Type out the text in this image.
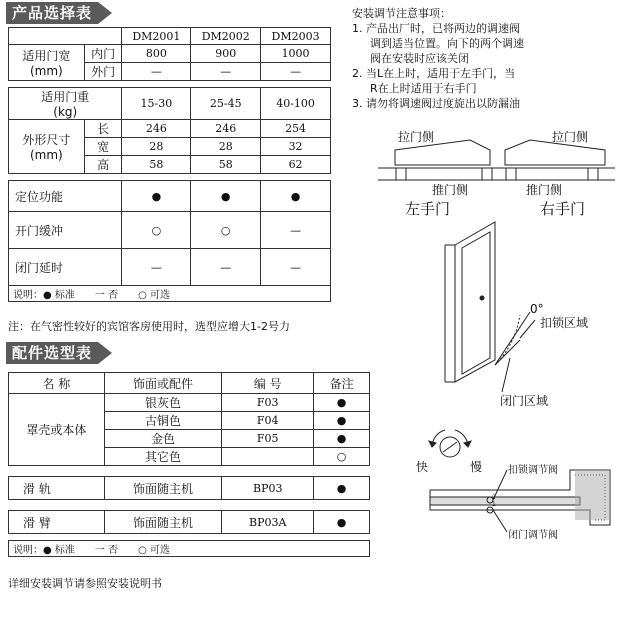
产品选择表
		DM2001	DM2002	DM2003
适用门宽
(mm)	内门	800	900	1000
	外门	—	—	—

适用门重
(kg)		15-30	25-45	40-100
外形尺寸
(mm)	长	246	246	254
	宽	28	28	32
	高	58	58	62

定位功能		●	●	●
开门缓冲		○	○	—
闭门延时		—	—	—
说明：● 标准　　一 否　　○ 可选				
注：在气密性较好的宾馆客房使用时，选型应增大1-2号力
配件选型表
名 称	饰面或配件	编 号	备注
罩壳或本体	银灰色	F03	●
	古铜色	F04	●
	金色	F05	●
	其它色		○

滑 轨	饰面随主机	BP03	●

滑 臂	饰面随主机	BP03A	●

说明：● 标准　　一 否　　○ 可选			
详细安装调节请参照安装说明书
安装调节注意事项：
1. 产品出厂时，已将两边的调速阀
调到适当位置。向下的两个调速
阀在安装时应该关闭
2. 当L在上时，适用于左手门，当
R在上时适用于右手门
3. 请勿将调速阀过度旋出以防漏油
拉门侧	拉门侧
推门侧	推门侧
左手门	右手门
0°
扣锁区域
闭门区域
快	慢	扣锁调节阀
闭门调节阀
2
1
